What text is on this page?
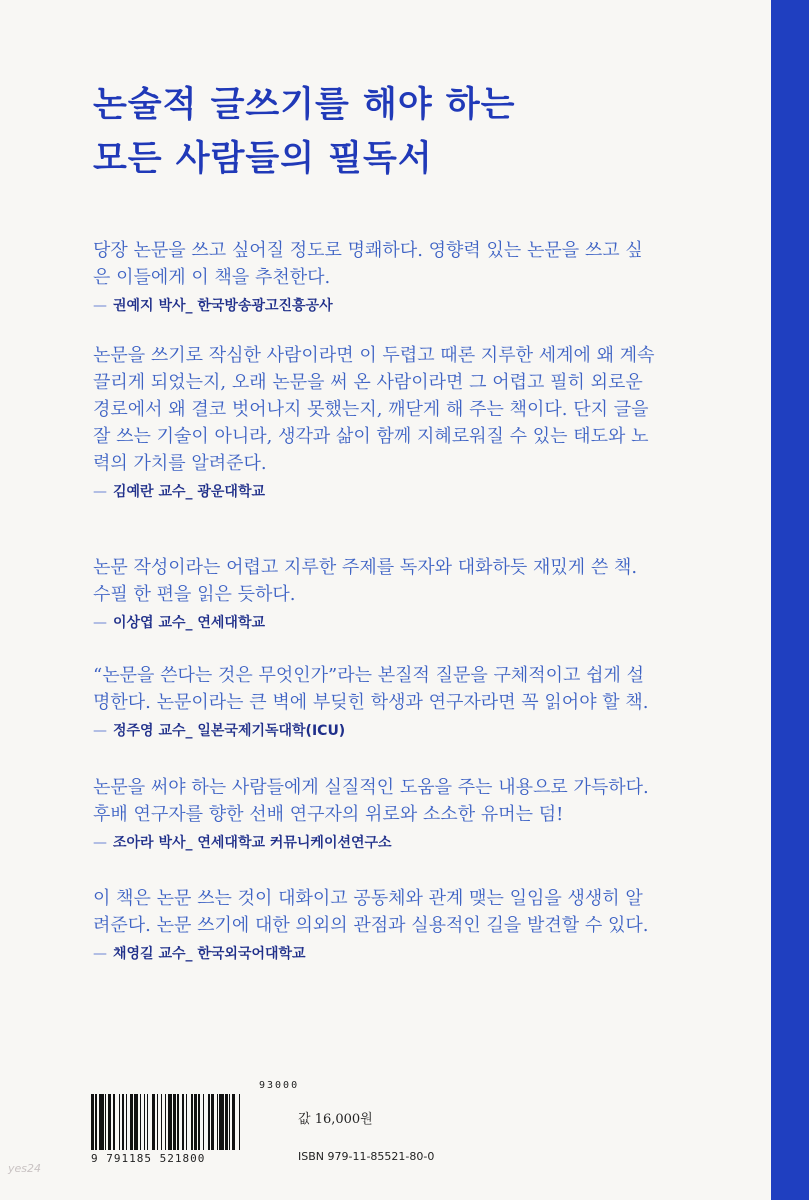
논술적 글쓰기를 해야 하는
모든 사람들의 필독서
당장 논문을 쓰고 싶어질 정도로 명쾌하다. 영향력 있는 논문을 쓰고 싶
은 이들에게 이 책을 추천한다.
— 권예지 박사_ 한국방송광고진흥공사
논문을 쓰기로 작심한 사람이라면 이 두렵고 때론 지루한 세계에 왜 계속
끌리게 되었는지, 오래 논문을 써 온 사람이라면 그 어렵고 필히 외로운
경로에서 왜 결코 벗어나지 못했는지, 깨닫게 해 주는 책이다. 단지 글을
잘 쓰는 기술이 아니라, 생각과 삶이 함께 지혜로워질 수 있는 태도와 노
력의 가치를 알려준다.
— 김예란 교수_ 광운대학교
논문 작성이라는 어렵고 지루한 주제를 독자와 대화하듯 재밌게 쓴 책.
수필 한 편을 읽은 듯하다.
— 이상엽 교수_ 연세대학교
“논문을 쓴다는 것은 무엇인가”라는 본질적 질문을 구체적이고 쉽게 설
명한다. 논문이라는 큰 벽에 부딪힌 학생과 연구자라면 꼭 읽어야 할 책.
— 정주영 교수_ 일본국제기독대학(ICU)
논문을 써야 하는 사람들에게 실질적인 도움을 주는 내용으로 가득하다.
후배 연구자를 향한 선배 연구자의 위로와 소소한 유머는 덤!
— 조아라 박사_ 연세대학교 커뮤니케이션연구소
이 책은 논문 쓰는 것이 대화이고 공동체와 관계 맺는 일임을 생생히 알
려준다. 논문 쓰기에 대한 의외의 관점과 실용적인 길을 발견할 수 있다.
— 채영길 교수_ 한국외국어대학교
93000
9 791185 521800
값 16,000원
ISBN 979-11-85521-80-0
yes24
